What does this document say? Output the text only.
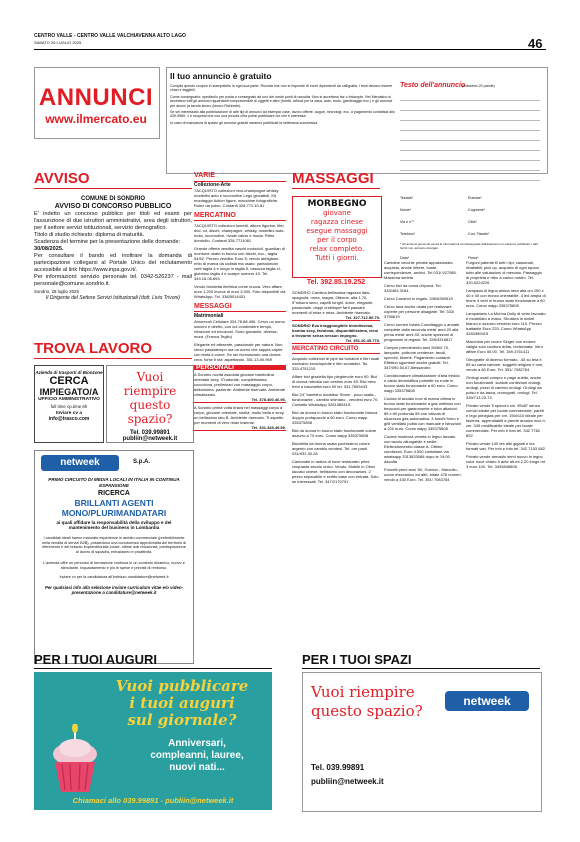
CENTRO VALLE - CENTRO VALLE VALCHIAVENNA ALTO LAGO
SABATO 26 LUGLIO 2025	46
ANNUNCI
www.ilmercato.eu
Il tuo annuncio è gratuito
Compila questo coupon in stampatello in ogni sua parte. Ricorda che non si risponde di errori dipendenti da calligrafia. I testi devono essere chiari e leggibili.
Come consegnarlo: spediscilo per posta o consegnalo ad uno dei nostri punti di raccolta. Non si accettano fax o fotocopie. Nel Mercatino si accettano tutti gli annunci riguardanti compravendite di oggetti e altro (furetti, articoli per la casa, auto, moto, giardinaggio ecc.) e gli annunci per alunni (a tavola lavoro (lavoro Richieste).
Se sei interessato alla pubblicazione di altri tipi di annunci ad esempio case, lavoro offerte, auguri, necrologi, ecc. a pagamento contattaci allo 039.9989. 1 e scoprirai che con una piccola cifra potrai pubblicare ciò che ti interessa.
In caso di mancanza di spazio gli annunci gratuiti saranno pubblicati la settimana successiva.
Testo dell'annuncio
(massimo 20 parole)
Testata*	Rubrica*
Nome*	Cognome*
Via e n°*	Città*
Telefono*	Cod. Fiscale*
* Gli annunci pervenuti senza le informazioni contrassegnate dall'asterisco non saranno pubblicati. I dati forniti non verranno divulgati.
Data*	Firma*
AVVISO
COMUNE DI SONDRIO
AVVISO DI CONCORSO PUBBLICO
E' indetto un concorso pubblico per titoli ed esami per l'assunzione di due istruttori amministrativi, area degli istruttori, per il settore servizi istituzionali, servizio demografico.
Titolo di studio richiesto: diploma di maturità.
Scadenza del termine per la presentazione delle domande: 30/08/2025.
Per consultare il bando ed inoltrare la domanda di partecipazione collegarsi al Portale Unico del reclutamento accessibile al link https://www.inpa.gov.it/.
Per informazioni: servizio personale tel. 0342-526237 - mail personale@comune.sondrio.it.
Sondrio, 28 luglio 2025
Il Dirigente del Settore Servizi Istituzionali (dott. Livio Trivoni)
TROVA LAVORO
Azienda di trasporti di Bionzone
CERCA
IMPIEGATO/A
UFFICIO AMMINISTRATIVO
full time cp.time 6h
Inviare cv a
info@trasco.com
Vuoi riempire questo spazio?
Tel. 039.99891
publiin@netweek.it
netweek	S.p.A.
PRIMO CIRCUITO DI MEDIA LOCALI IN ITALIA IN CONTINUA ESPANSIONE
RICERCA
BRILLANTI AGENTI MONO/PLURIMANDATARI
ai quali affidare la responsabilità della sviluppo e del mantenimento del business in Lombardia
I candidati ideali hanno maturato esperienze in ambito commerciale (preferibilmente nella vendita di servizi B2B), possiedono una conoscenza approfondita del territorio di riferimento e del tessuto imprenditoriale locale, ottime doti relazionali, predisposizione al lavoro di squadra, entusiasmo e proattività.
L'azienda offre un percorso di formazione continua in un contesto dinamico, nuovo e stimolante. Inquadramento e più le spese e previsti di rimborso.
Inviare cv per la candidatura all'indirizzo candidature@netweek.it
Per qualsiasi info alla selezione inviare curriculum vitae e/o video-presentazione a candidature@netweek.it
VARIE
Collezione-Arte
7ACQUISTO collezioni vino-champagne-whisky modellini auto e locomotive Lego giocattoli, Kit montaggio Action figure, macchine fotografiche, Rolex da polso. Contanti 328.771.10.81
MERCATINO
7ACQUISTO collezioni fumetti, album figurine, libri, dvd, cd, dischi, champagne, whisky, modellini auto-moto, locomotive, riviste calcio e moda. Ritiro domicilio. Contanti 328-7711081
Grande offerta vendita caschi motocicli, guardian di montone usato in buono con dischi, ecc., taglia 54/52. Prezzo vendita: Euro 5; vendo abbigliam. ento di marca da ciclista ma usato: pantaloncini corti taglia 4 e lungo in taglia 5, casacca taglia xl, giubbino taglia 4 e scarpe numero 43. Tel. 349.16.06.893.
Vendo bicicletta elettrica come nuova. Vero affare, euro 1.200 invece di euro 3.000. Foto disponibili via WhatsApp. Tel. 338/5014431
MESSAGGI
Matrimoniali
Amorevoli Cellulare 334.76.88.496. Cerco un uomo sincero e diretto, con cui condividere tempo, relazione ed emozioni. Sono giovanile, diversa, mora. (Franca Teglio)
Elegante ed attraente, passionale per natura. Non cerco passatempo ma un uomo che sappia capire con testa e cuore. Se sei riconosciuto una donna vera, forse ti sta' aspettando. 351.13.00.969
PERSONALI
A Sondrio novità assoluta giovane bambolina orientale sexy, 3°naturale, completissima, coccolona, preliminari con massaggio corpo, delicissima, paziente. Ambiente riservato. Ambiente climatizzato.
Tel. 378.400.46.96.
A Sondrio prima volta brava nel massaggi corpo a corpo, giovane orientale, snella, molto bella e sexy, un bellissimo lato B. Ambiente riservato. Ti aspetto per momenti di vero relax insieme.
Tel. 331.345.49.59.
MASSAGGI
MORBEGNO
giovane
ragazza cinese
esegue massaggi
per il corpo
relax completo.
Tutti i giorni.
Tel. 392.85.19.252
SONDRIO Carolina bellissima ragazza italo- spagnola, mora, magra, 28enne, alta 1,70, 5°misura seno, capelli lunghi, dolce, elegante, passionale, doppi crebiloper farti passare momenti di relax e relax. Ambiente riservato.
Tel. 327.712.56.75.
SONDRIO Eva irraggiungibile biondissima, bomba sexy, favolosa, disponibilissima, vieni a trovarmi senza nessun impegno.
Tel. 351.20.45.779.
MERCATINO CIRCUITO
Acquisto collezioni di pipe da fumatori e libri usati esclusivo enciclopedie e libri scolastici. Tel. 333.4751215
Affare bici graziella tipo pieghevole euro 90. Bici di donna robusta con cestino euro 45. Bici nera freni a bacchetta euro 90 tel. 331.7609443
Bici 24" bambino doubleur Storm - poco usata - funzionante - cambio shimano - vendesi euro 70. Contatto WhatsApp 3281389419.
Bici da donna in buono stato funzionante bianca doppio portapacchi a 60 euro. Como wapp 335375808
Bici da donna in buono stato funzionante colore azzurro a 70 euro. Como wapp 335375808
Bicicletta da donna usata pochissimo colore argento con cambio vendesi. Tel. ore pasti 031/932.30.28
Cantonale in radica di noce restaurato primi cinquanta secolo unico. Vendo. Mobile in Olmo laccato cinese, bellissimo con decorazioni, 2 pezzo separabile e scritto base con entrata. Solo se interessati. Tel. 347/2170701
Cartoline vecchie private appassionato acquista, anche lettere, buste, corrispondenze, archivi. Tel 031/ 927085. Massima serietà
Cerco bici da corsa d'epoca. Tel. 333/463.3184.
Cerco Canarini in regalo. 349/6350519
Cerco lana anche usata per realizzare coperte per persone disagiate. Tel. 333/ 3759619
Cerco numeri rivista Conciltaggio o annate complete dalla seconda metà' anni 20 alla prima metà' anni 40, anche spezzoni di programmi di regata. Tel. 349/3316817
Compro prendimento anni 50/60/ 70, lampade, poltrone credenze, tavoli, specchi, librerie. Pagamento contanti. Effettuo sgomberi anche gratuiti. Tel. 347/090.54.67 Alessandro
Condizionatore climatizzatore d'aria freddo e caldo deumidifica portatile su ruote in buono stato funzionante a 60 euro. Como wapp 335375808
Cucina di acciaio inox di marca ottima in buono stato funzionante a gas mettano con beccucci per gastronomie e tubo attacchi. 85 x 60 profonda 55 con valvola di sicurezza gas automatica. 4 fuochi forno e grill ventilato pulita con manuale e istruzioni a 220 euro. Como wapp 335375808
Cucina moderna veneta in legno laccato con tavolo allungabile e sedie. Elettrodomestici classe A. Ottime condizioni. Euro 4.500 contattare via whatsapp 3313833088 dopo le 19:00 Ascolta
Fornetti primi anni '60, Gordon - Marzollo, uomo meccanico ed altri, totale 478 numeri, vendo a 430 Euro. Tel. 351/ 7083764
Furgoni patente B tutti i tipi, cassonati, ribaltabili, pick up, acquisto di ogni epoca tutto alle valutazioni di mercato. Passaggio di proprietà e ritiro a carico nostro. Tel. 320.5224226
Lampada di legno antica nera alta cm 150 x 40 x 40 con tronco orientabile. 4 led ampia di leone 4 vetri in buono stato funzionante a 60 euro. Como wapp 335375808
Lampadario La Murina Dolly di vetro lavorato e modellato a mano. Struttura in nickel bianco e azzurro vendesi euro 110. Prezzo trattabile Euro 225. Como WhatsApp 3283389415
Macchina per cucire Singer con motore valigia solo cucitura dritta, revisionata. Vero affare Euro 50,00. Tel. 349.3761411
Oleografie di diverso formato, -45 su tela e 85 su carta cartone, soggetti religiosi e non, vendo a 80 Euro. Tel. 351/ 7082764
Orologi usati compro e pago subito, anche non funzionanti, scatole confezioni orologi, orologi, pezzi di cambio orologi. Orologi da polso e da tasca, cronografi, orologi. Tel. 339/713.23.73.
Privato vende 5 specchi cm. 95x87 senza cornici ideale per locale commerciale, pareti e lego plexiglas per cm. 150x110 ideale per taverna, appendiabiti a parete arcaico inox h. cm. 345 modificabile ideale per locale commerciale. Per info e foto tel. 342 7782 892
Privato vende 140 tex albi giganti e tex formati vari. Per info e foto tel. 342 7153 682
Privato vende armadio semi nuovo in legno color noce chiaro 5 ante alt.mt.2,20 lungo mt 3 euro 100. Tel. 3493848808
PER I TUOI AUGURI
Vuoi pubblicare
i tuoi auguri
sul giornale?
Anniversari,
compleanni, lauree,
nuovi nati...
Chiamaci allo 039.99891 - publiin@netweek.it
PER I TUOI SPAZI
Vuoi riempire questo spazio?
netweek
Tel. 039.99891
publiin@netweek.it
